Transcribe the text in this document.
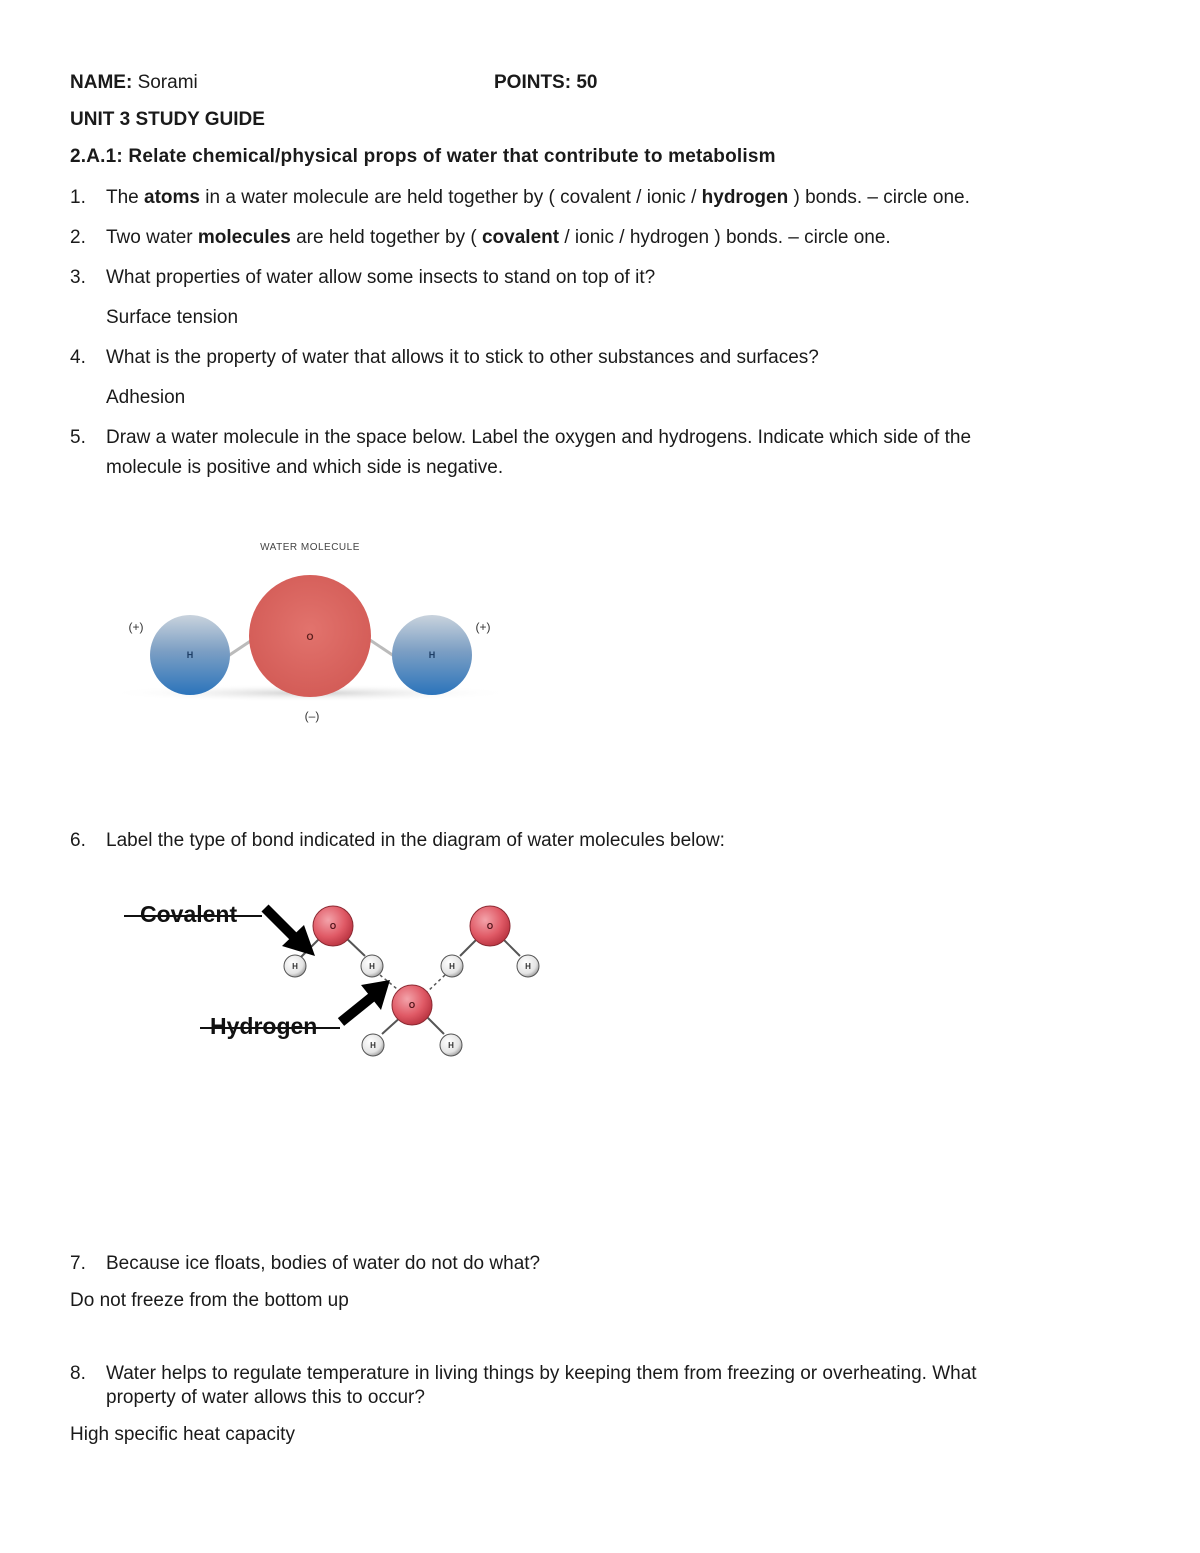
NAME: Sorami	POINTS: 50
UNIT 3 STUDY GUIDE
2.A.1: Relate chemical/physical props of water that contribute to metabolism
1. The atoms in a water molecule are held together by ( covalent / ionic / hydrogen ) bonds. – circle one.
2. Two water molecules are held together by ( covalent / ionic / hydrogen ) bonds. – circle one.
3. What properties of water allow some insects to stand on top of it?
Surface tension
4. What is the property of water that allows it to stick to other substances and surfaces?
Adhesion
5. Draw a water molecule in the space below. Label the oxygen and hydrogens. Indicate which side of the
molecule is positive and which side is negative.
WATER MOLECULE
H
O
H
(+)	(+)
(–)
6. Label the type of bond indicated in the diagram of water molecules below:
O	O
O
H	H	H	H
H	H
Covalent
Hydrogen
7. Because ice floats, bodies of water do not do what?
Do not freeze from the bottom up
8. Water helps to regulate temperature in living things by keeping them from freezing or overheating. What
property of water allows this to occur?
High specific heat capacity
